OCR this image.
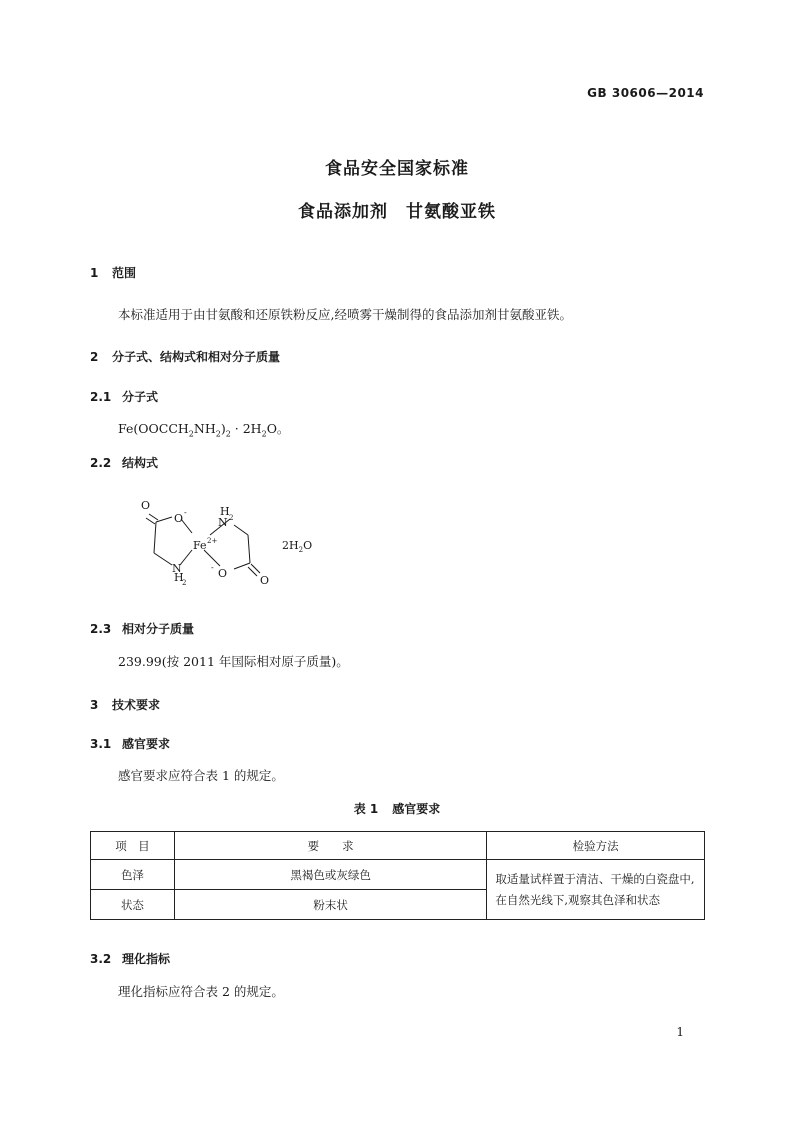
GB 30606—2014
食品安全国家标准
食品添加剂　甘氨酸亚铁
1 范围
本标准适用于由甘氨酸和还原铁粉反应,经喷雾干燥制得的食品添加剂甘氨酸亚铁。
2 分子式、结构式和相对分子质量
2.1 分子式
$Fe(OOCCH_2NH_2)_2 \cdot 2H_2O$。
2.2 结构式
O
O -	H 2
N
Fe 2+
N
H
2
- O
O
$2H_2O$
2.3 相对分子质量
239.99(按 2011 年国际相对原子质量)。
3 技术要求
3.1 感官要求
感官要求应符合表 1 的规定。
表 1 感官要求
项　目	要　　求	检验方法
色泽	黑褐色或灰绿色	取适量试样置于清洁、干燥的白瓷盘中,在自然光线下,观察其色泽和状态
状态	粉末状	
3.2 理化指标
理化指标应符合表 2 的规定。
1
